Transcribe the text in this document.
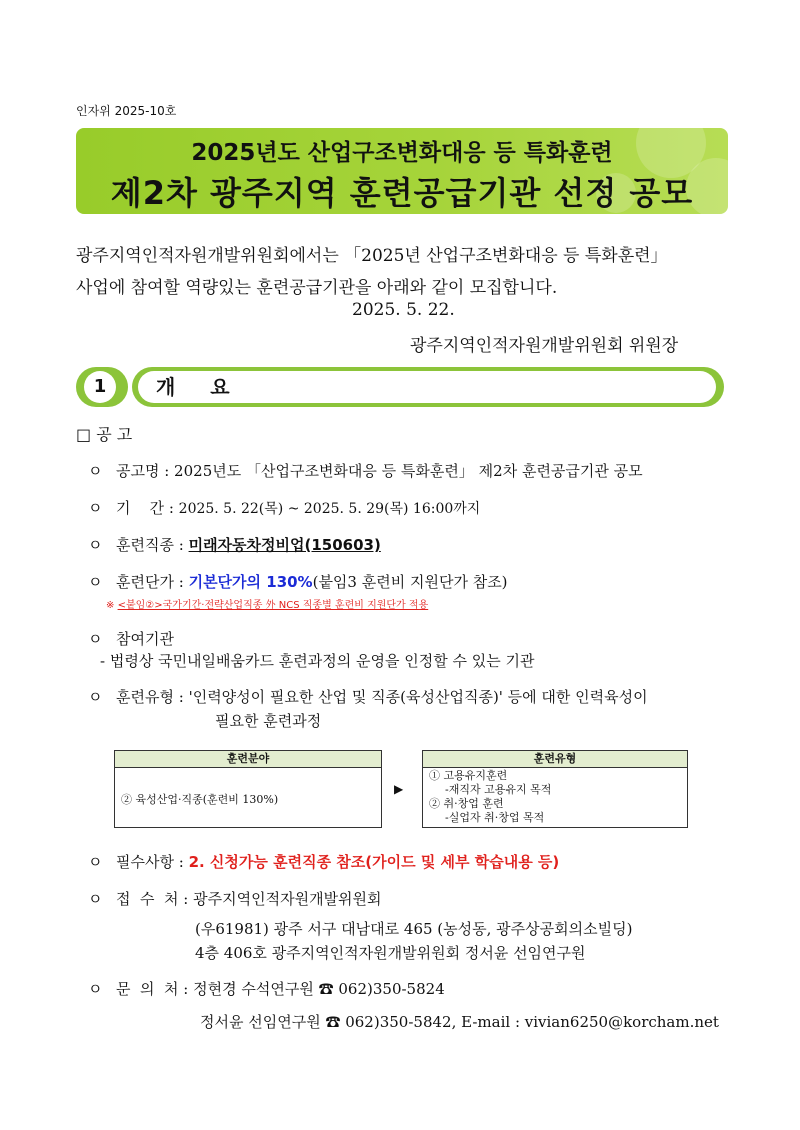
인자위 2025-10호
2025년도 산업구조변화대응 등 특화훈련
제2차 광주지역 훈련공급기관 선정 공모

광주지역인적자원개발위원회에서는 「2025년 산업구조변화대응 등 특화훈련」

사업에 참여할 역량있는 훈련공급기관을 아래와 같이 모집합니다.

2025. 5. 22.
광주지역인적자원개발위원회 위원장
1	개 요
□ 공 고
ㅇ 공고명 : 2025년도 「산업구조변화대응 등 특화훈련」 제2차 훈련공급기관 공모
ㅇ 기    간 : 2025. 5. 22(목) ~ 2025. 5. 29(목) 16:00까지
ㅇ 훈련직종 : 미래자동차정비업(150603)
ㅇ 훈련단가 : 기본단가의 130%(붙임3 훈련비 지원단가 참조)
※ <붙임②>국가기간·전략산업직종 外 NCS 직종별 훈련비 지원단가 적용
ㅇ 참여기관
- 법령상 국민내일배움카드 훈련과정의 운영을 인정할 수 있는 기관
ㅇ 훈련유형 : '인력양성이 필요한 산업 및 직종(육성산업직종)' 등에 대한 인력육성이
필요한 훈련과정
훈련분야
② 육성산업·직종(훈련비 130%)
▶
훈련유형
① 고용유지훈련
-재직자 고용유지 목적
② 취·창업 훈련
-실업자 취·창업 목적
ㅇ 필수사항 : 2. 신청가능 훈련직종 참조(가이드 및 세부 학습내용 등)
ㅇ 접  수  처 : 광주지역인적자원개발위원회
(우61981) 광주 서구 대남대로 465 (농성동, 광주상공회의소빌딩)
4층 406호 광주지역인적자원개발위원회 정서윤 선임연구원
ㅇ 문  의  처 : 정현경 수석연구원 ☎ 062)350-5824
정서윤 선임연구원 ☎ 062)350-5842, E-mail : vivian6250@korcham.net
